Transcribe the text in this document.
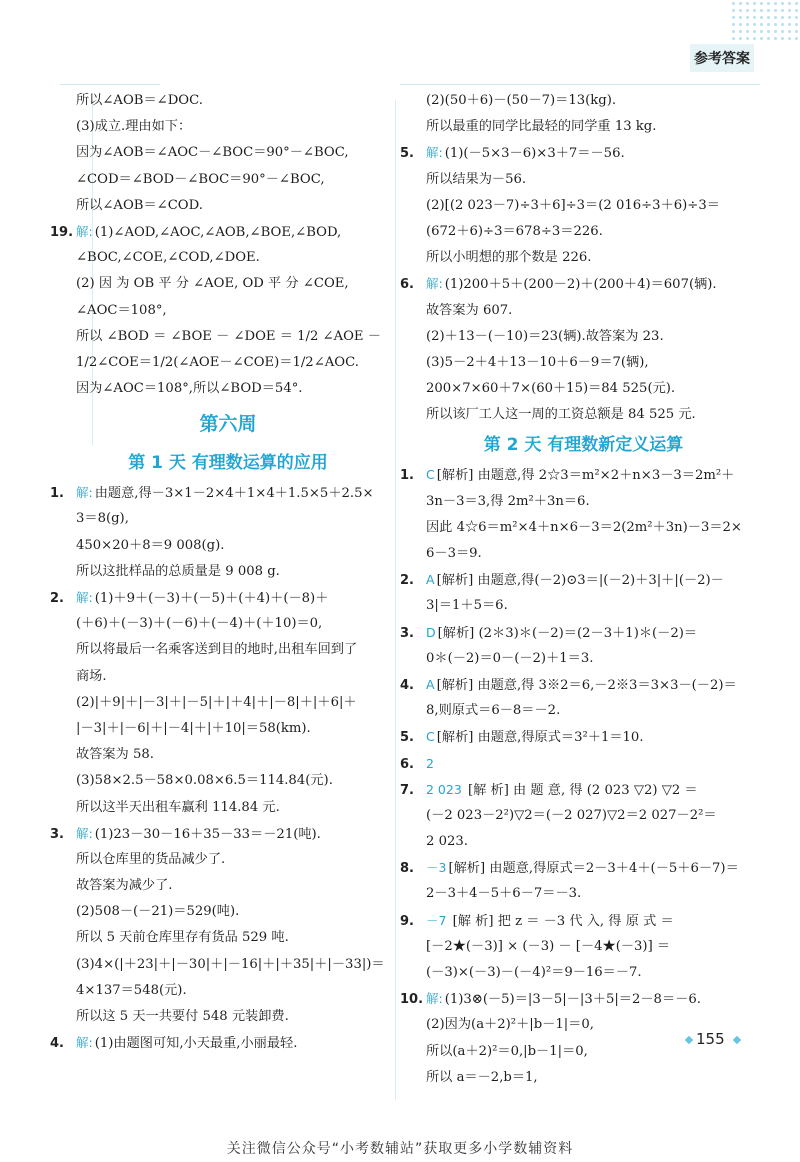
参考答案
所以∠AOB＝∠DOC.
(3)成立.理由如下：
因为∠AOB＝∠AOC－∠BOC＝90°－∠BOC,
∠COD＝∠BOD－∠BOC＝90°－∠BOC,
所以∠AOB＝∠COD.
19. 解: (1)∠AOD,∠AOC,∠AOB,∠BOE,∠BOD,
∠BOC,∠COE,∠COD,∠DOE.
(2) 因 为 OB 平 分 ∠AOE, OD 平 分 ∠COE,
∠AOC＝108°,
所以 ∠BOD ＝ ∠BOE － ∠DOE ＝ 1/2 ∠AOE －
1/2∠COE＝1/2(∠AOE－∠COE)＝1/2∠AOC.
因为∠AOC＝108°,所以∠BOD＝54°.
第六周
第 1 天 有理数运算的应用
1. 解: 由题意,得－3×1－2×4＋1×4＋1.5×5＋2.5×
3＝8(g),
450×20＋8＝9 008(g).
所以这批样品的总质量是 9 008 g.
2. 解: (1)＋9＋(－3)＋(－5)＋(＋4)＋(－8)＋
(＋6)＋(－3)＋(－6)＋(－4)＋(＋10)＝0,
所以将最后一名乘客送到目的地时,出租车回到了
商场.
(2)|＋9|＋|－3|＋|－5|＋|＋4|＋|－8|＋|＋6|＋
|－3|＋|－6|＋|－4|＋|＋10|＝58(km).
故答案为 58.
(3)58×2.5－58×0.08×6.5＝114.84(元).
所以这半天出租车赢利 114.84 元.
3. 解: (1)23－30－16＋35－33＝－21(吨).
所以仓库里的货品减少了.
故答案为减少了.
(2)508－(－21)＝529(吨).
所以 5 天前仓库里存有货品 529 吨.
(3)4×(|＋23|＋|－30|＋|－16|＋|＋35|＋|－33|)＝
4×137＝548(元).
所以这 5 天一共要付 548 元装卸费.
4. 解: (1)由题图可知,小天最重,小丽最轻.
(2)(50＋6)－(50－7)＝13(kg).
所以最重的同学比最轻的同学重 13 kg.
5. 解: (1)(－5×3－6)×3＋7＝－56.
所以结果为－56.
(2)[(2 023－7)÷3＋6]÷3＝(2 016÷3＋6)÷3＝
(672＋6)÷3＝678÷3＝226.
所以小明想的那个数是 226.
6. 解: (1)200＋5＋(200－2)＋(200＋4)＝607(辆).
故答案为 607.
(2)＋13－(－10)＝23(辆).故答案为 23.
(3)5－2＋4＋13－10＋6－9＝7(辆),
200×7×60＋7×(60＋15)＝84 525(元).
所以该厂工人这一周的工资总额是 84 525 元.
第 2 天 有理数新定义运算
1. C [解析] 由题意,得 2☆3＝m²×2＋n×3－3＝2m²＋
3n－3＝3,得 2m²＋3n＝6.
因此 4☆6＝m²×4＋n×6－3＝2(2m²＋3n)－3＝2×
6－3＝9.
2. A [解析] 由题意,得(－2)⊙3＝|(－2)＋3|＋|(－2)－
3|＝1＋5＝6.
3. D [解析] (2＊3)＊(－2)＝(2－3＋1)＊(－2)＝
0＊(－2)＝0－(－2)＋1＝3.
4. A [解析] 由题意,得 3※2＝6,－2※3＝3×3－(－2)＝
8,则原式＝6－8＝－2.
5. C [解析] 由题意,得原式＝3²＋1＝10.
6. 2
7. 2 023 [解 析] 由 题 意, 得 (2 023 ▽2) ▽2 ＝
(－2 023－2²)▽2＝(－2 027)▽2＝2 027－2²＝
2 023.
8. －3 [解析] 由题意,得原式＝2－3＋4＋(－5＋6－7)＝
2－3＋4－5＋6－7＝－3.
9. －7 [解 析] 把 z ＝ －3 代 入, 得 原 式 ＝
[－2★(－3)] × (－3) － [－4★(－3)] ＝
(－3)×(－3)－(－4)²＝9－16＝－7.
10. 解: (1)3⊗(－5)＝|3－5|－|3＋5|＝2－8＝－6.
(2)因为(a＋2)²＋|b－1|＝0,
所以(a＋2)²＝0,|b－1|＝0,
所以 a＝－2,b＝1,
155
关注微信公众号“小考数辅站”获取更多小学数辅资料
